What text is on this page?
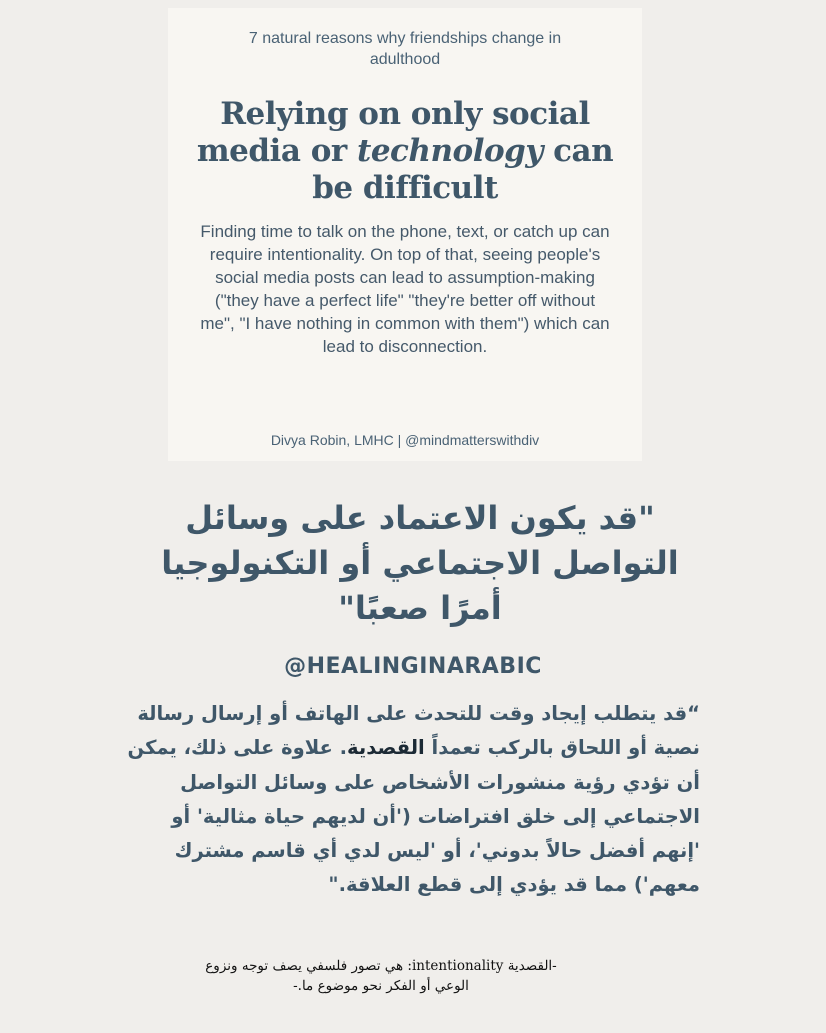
7 natural reasons why friendships change in adulthood
Relying on only social media or technology can be difficult
Finding time to talk on the phone, text, or catch up can require intentionality. On top of that, seeing people's social media posts can lead to assumption-making ("they have a perfect life" "they're better off without me", "I have nothing in common with them") which can lead to disconnection.
Divya Robin, LMHC | @mindmatterswithdiv
"قد يكون الاعتماد على وسائل التواصل الاجتماعي أو التكنولوجيا أمرًا صعبًا"
@HEALINGINARABIC
“قد يتطلب إيجاد وقت للتحدث على الهاتف أو إرسال رسالة نصية أو اللحاق بالركب تعمداً القصدية. علاوة على ذلك، يمكن أن تؤدي رؤية منشورات الأشخاص على وسائل التواصل الاجتماعي إلى خلق افتراضات ('أن لديهم حياة مثالية' أو 'إنهم أفضل حالاً بدوني'، أو 'ليس لدي أي قاسم مشترك معهم') مما قد يؤدي إلى قطع العلاقة."
-القصدية intentionality: هي تصور فلسفي يصف توجه ونزوع الوعي أو الفكر نحو موضوع ما.-
